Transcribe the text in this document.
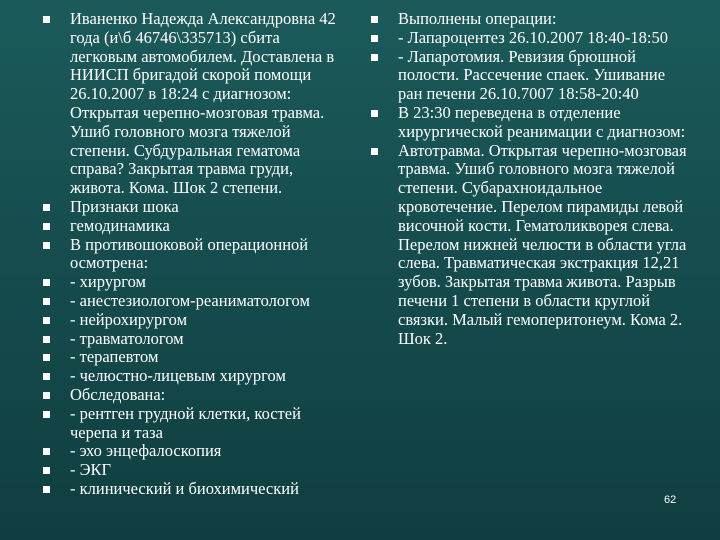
Иваненко Надежда Александровна 42 года (и\б 46746\335713) сбита легковым автомобилем. Доставлена в НИИСП бригадой скорой помощи 26.10.2007 в 18:24 с диагнозом: Открытая черепно-мозговая травма. Ушиб головного мозга тяжелой степени. Субдуральная гематома справа? Закрытая травма груди, живота. Кома. Шок 2 степени.
Признаки шока
гемодинамика
В противошоковой операционной осмотрена:
- хирургом
- анестезиологом-реаниматологом
- нейрохирургом
- травматологом
- терапевтом
- челюстно-лицевым хирургом
Обследована:
- рентген грудной клетки, костей черепа и таза
- эхо энцефалоскопия
- ЭКГ
- клинический и биохимический
Выполнены операции:
- Лапароцентез 26.10.2007 18:40-18:50
- Лапаротомия. Ревизия брюшной полости. Рассечение спаек. Ушивание ран печени 26.10.7007 18:58-20:40
В 23:30 переведена в отделение хирургической реанимации с диагнозом:
Автотравма. Открытая черепно-мозговая травма. Ушиб головного мозга тяжелой степени. Субарахноидальное кровотечение. Перелом пирамиды левой височной кости. Гематоликворея слева. Перелом нижней челюсти в области угла слева. Травматическая экстракция 12,21 зубов. Закрытая травма живота. Разрыв печени 1 степени в области круглой связки. Малый гемоперитонеум. Кома 2. Шок 2.
62
